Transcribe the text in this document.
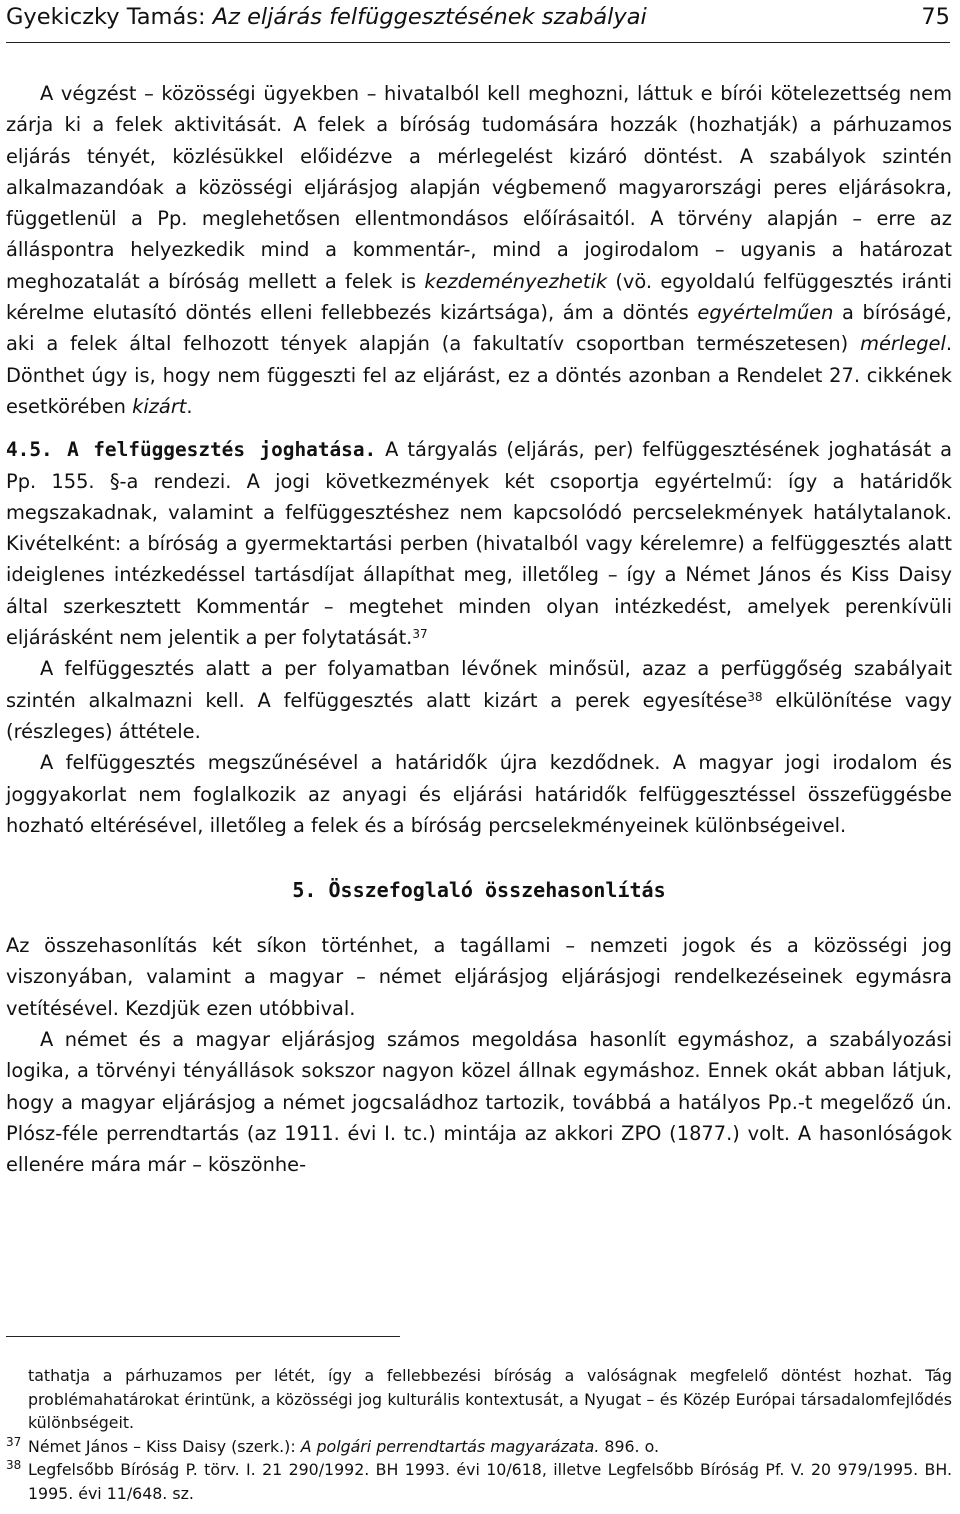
Gyekiczky Tamás: Az eljárás felfüggesztésének szabályai	75

A végzést – közösségi ügyekben – hivatalból kell meghozni, láttuk e bírói kötelezettség nem zárja ki a felek aktivitását. A felek a bíróság tudomására hozzák (hozhatják) a párhuzamos eljárás tényét, közlésükkel előidézve a mérlegelést kizáró döntést. A szabályok szintén alkalmazandóak a közösségi eljárásjog alapján végbemenő magyarországi peres eljárásokra, függetlenül a Pp. meglehetősen ellentmondásos előírásaitól. A törvény alapján – erre az álláspontra helyezkedik mind a kommentár-, mind a jogirodalom – ugyanis a határozat meghozatalát a bíróság mellett a felek is kezdeményezhetik (vö. egyoldalú felfüggesztés iránti kérelme elutasító döntés elleni fellebbezés kizártsága), ám a döntés egyértelműen a bíróságé, aki a felek által felhozott tények alapján (a fakultatív csoportban természetesen) mérlegel. Dönthet úgy is, hogy nem függeszti fel az eljárást, ez a döntés azonban a Rendelet 27. cikkének esetkörében kizárt.

4.5. A felfüggesztés joghatása. A tárgyalás (eljárás, per) felfüggesztésének joghatását a Pp. 155. §-a rendezi. A jogi következmények két csoportja egyértelmű: így a határidők megszakadnak, valamint a felfüggesztéshez nem kapcsolódó percselekmények hatálytalanok. Kivételként: a bíróság a gyermektartási perben (hivatalból vagy kérelemre) a felfüggesztés alatt ideiglenes intézkedéssel tartásdíjat állapíthat meg, illetőleg – így a Német János és Kiss Daisy által szerkesztett Kommentár – megtehet minden olyan intézkedést, amelyek perenkívüli eljárásként nem jelentik a per folytatását.$^{37}$

A felfüggesztés alatt a per folyamatban lévőnek minősül, azaz a perfüggőség szabályait szintén alkalmazni kell. A felfüggesztés alatt kizárt a perek egyesítése$^{38}$ elkülönítése vagy (részleges) áttétele.

A felfüggesztés megszűnésével a határidők újra kezdődnek. A magyar jogi irodalom és joggyakorlat nem foglalkozik az anyagi és eljárási határidők felfüggesztéssel összefüggésbe hozható eltérésével, illetőleg a felek és a bíróság percselekményeinek különbségeivel.

5. Összefoglaló összehasonlítás

Az összehasonlítás két síkon történhet, a tagállami – nemzeti jogok és a közösségi jog viszonyában, valamint a magyar – német eljárásjog eljárásjogi rendelkezéseinek egymásra vetítésével. Kezdjük ezen utóbbival.

A német és a magyar eljárásjog számos megoldása hasonlít egymáshoz, a szabályozási logika, a törvényi tényállások sokszor nagyon közel állnak egymáshoz. Ennek okát abban látjuk, hogy a magyar eljárásjog a német jogcsaládhoz tartozik, továbbá a hatályos Pp.-t megelőző ún. Plósz-féle perrendtartás (az 1911. évi I. tc.) mintája az akkori ZPO (1877.) volt. A hasonlóságok ellenére mára már – köszönhe-

tathatja a párhuzamos per létét, így a fellebbezési bíróság a valóságnak megfelelő döntést hozhat. Tág problémahatárokat érintünk, a közösségi jog kulturális kontextusát, a Nyugat – és Közép Európai társadalomfejlődés különbségeit.
37 Német János – Kiss Daisy (szerk.): A polgári perrendtartás magyarázata. 896. o.
38 Legfelsőbb Bíróság P. törv. I. 21 290/1992. BH 1993. évi 10/618, illetve Legfelsőbb Bíróság Pf. V. 20 979/1995. BH. 1995. évi 11/648. sz.
